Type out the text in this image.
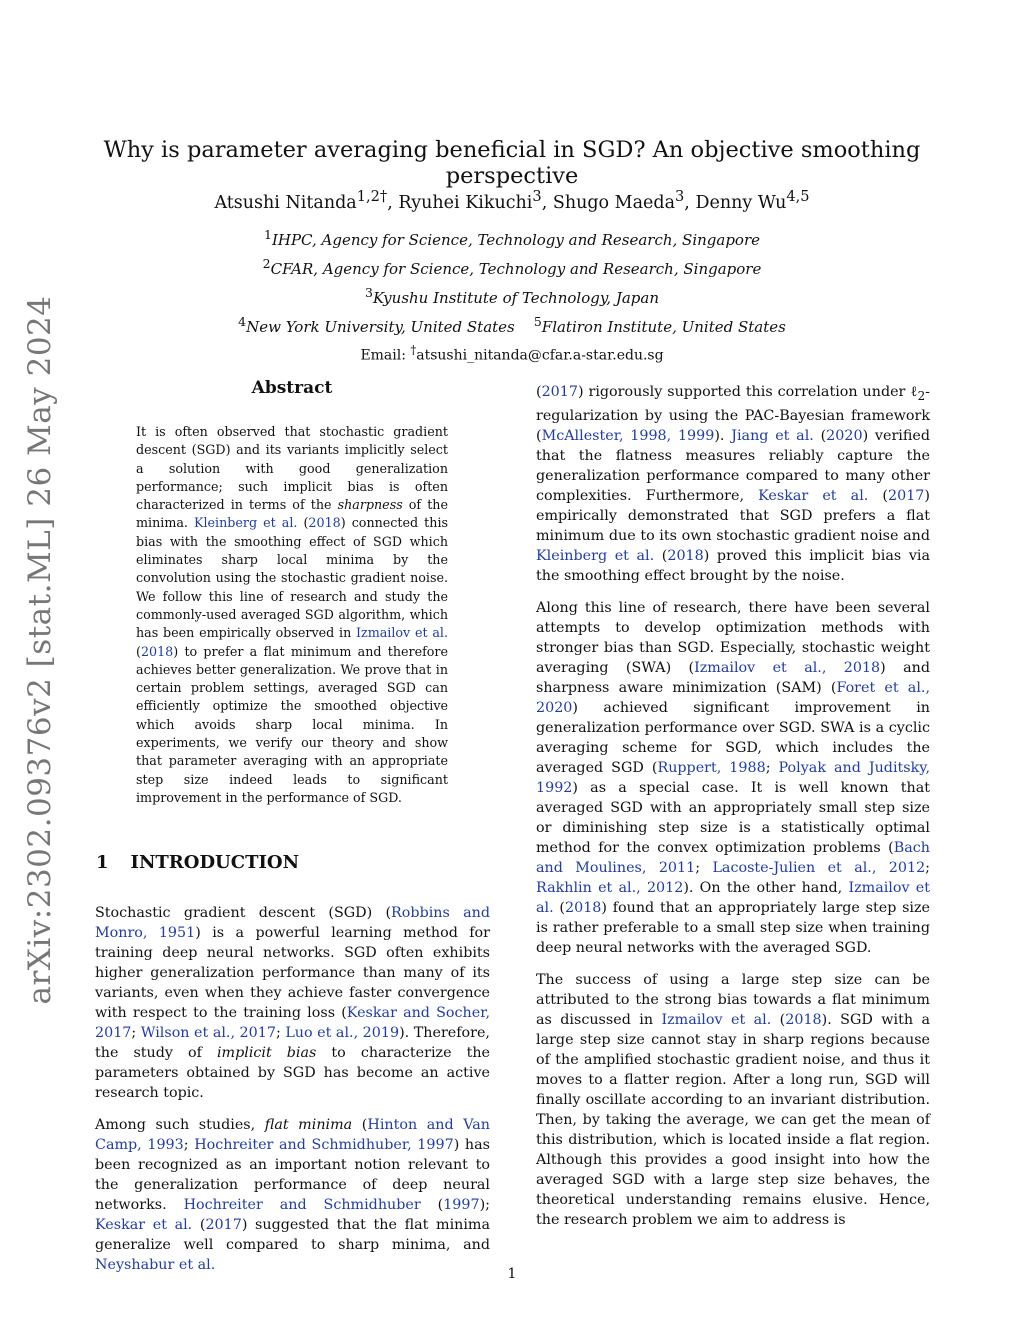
arXiv:2302.09376v2 [stat.ML] 26 May 2024
Why is parameter averaging beneficial in SGD? An objective smoothing perspective
Atsushi Nitanda$^{1,2\dagger}$, Ryuhei Kikuchi$^3$, Shugo Maeda$^3$, Denny Wu$^{4,5}$
$^1$IHPC, Agency for Science, Technology and Research, Singapore
$^2$CFAR, Agency for Science, Technology and Research, Singapore
$^3$Kyushu Institute of Technology, Japan
$^4$New York University, United States $^5$Flatiron Institute, United States
Email: †atsushi_nitanda@cfar.a-star.edu.sg
Abstract

It is often observed that stochastic gradient descent (SGD) and its variants implicitly select a solution with good generalization performance; such implicit bias is often characterized in terms of the sharpness of the minima. Kleinberg et al. (2018) connected this bias with the smoothing effect of SGD which eliminates sharp local minima by the convolution using the stochastic gradient noise. We follow this line of research and study the commonly-used averaged SGD algorithm, which has been empirically observed in Izmailov et al. (2018) to prefer a flat minimum and therefore achieves better generalization. We prove that in certain problem settings, averaged SGD can efficiently optimize the smoothed objective which avoids sharp local minima. In experiments, we verify our theory and show that parameter averaging with an appropriate step size indeed leads to significant improvement in the performance of SGD.

1 INTRODUCTION

Stochastic gradient descent (SGD) (Robbins and Monro, 1951) is a powerful learning method for training deep neural networks. SGD often exhibits higher generalization performance than many of its variants, even when they achieve faster convergence with respect to the training loss (Keskar and Socher, 2017; Wilson et al., 2017; Luo et al., 2019). Therefore, the study of implicit bias to characterize the parameters obtained by SGD has become an active research topic.

Among such studies, flat minima (Hinton and Van Camp, 1993; Hochreiter and Schmidhuber, 1997) has been recognized as an important notion relevant to the generalization performance of deep neural networks. Hochreiter and Schmidhuber (1997); Keskar et al. (2017) suggested that the flat minima generalize well compared to sharp minima, and Neyshabur et al.

(2017) rigorously supported this correlation under ℓ$_2$-regularization by using the PAC-Bayesian framework (McAllester, 1998, 1999). Jiang et al. (2020) verified that the flatness measures reliably capture the generalization performance compared to many other complexities. Furthermore, Keskar et al. (2017) empirically demonstrated that SGD prefers a flat minimum due to its own stochastic gradient noise and Kleinberg et al. (2018) proved this implicit bias via the smoothing effect brought by the noise.

Along this line of research, there have been several attempts to develop optimization methods with stronger bias than SGD. Especially, stochastic weight averaging (SWA) (Izmailov et al., 2018) and sharpness aware minimization (SAM) (Foret et al., 2020) achieved significant improvement in generalization performance over SGD. SWA is a cyclic averaging scheme for SGD, which includes the averaged SGD (Ruppert, 1988; Polyak and Juditsky, 1992) as a special case. It is well known that averaged SGD with an appropriately small step size or diminishing step size is a statistically optimal method for the convex optimization problems (Bach and Moulines, 2011; Lacoste-Julien et al., 2012; Rakhlin et al., 2012). On the other hand, Izmailov et al. (2018) found that an appropriately large step size is rather preferable to a small step size when training deep neural networks with the averaged SGD.

The success of using a large step size can be attributed to the strong bias towards a flat minimum as discussed in Izmailov et al. (2018). SGD with a large step size cannot stay in sharp regions because of the amplified stochastic gradient noise, and thus it moves to a flatter region. After a long run, SGD will finally oscillate according to an invariant distribution. Then, by taking the average, we can get the mean of this distribution, which is located inside a flat region. Although this provides a good insight into how the averaged SGD with a large step size behaves, the theoretical understanding remains elusive. Hence, the research problem we aim to address is

1
